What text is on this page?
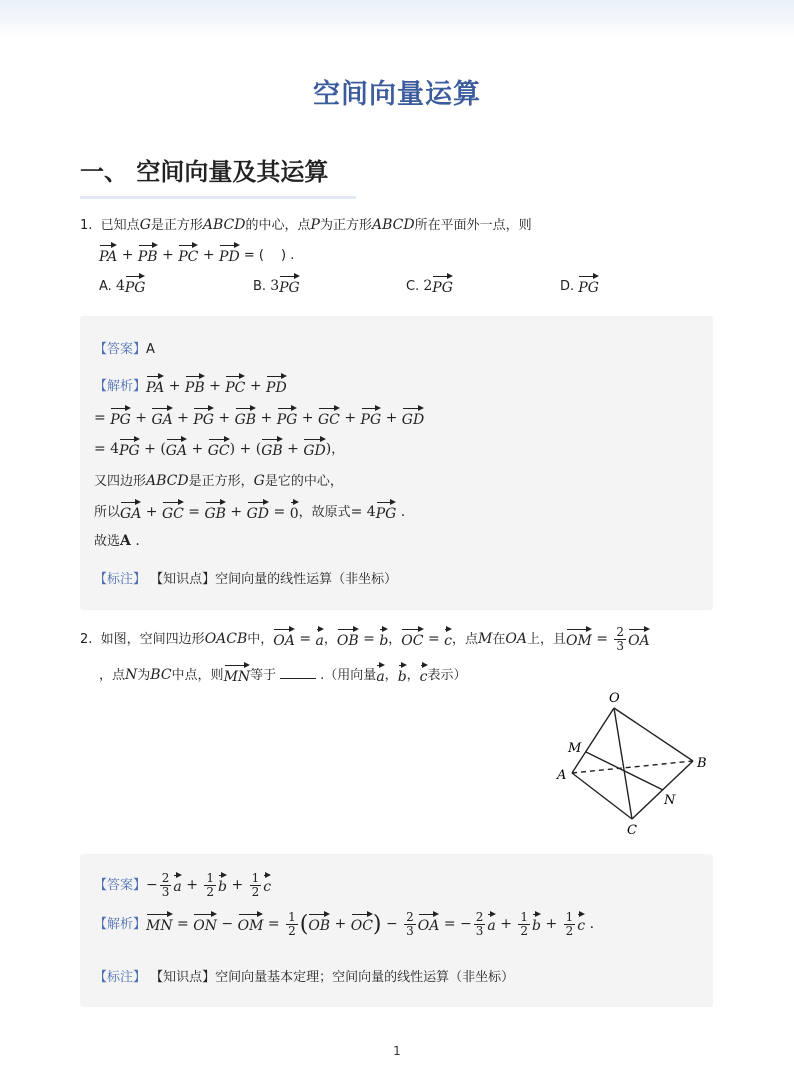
空间向量运算
一、 空间向量及其运算
1. 已知点G是正方形ABCD的中心，点P为正方形ABCD所在平面外一点，则
PA + PB + PC + PD = (　 ) .
A. 4PG	B. 3PG	C. 2PG	D. PG
【答案】A
【解析】PA + PB + PC + PD
= PG + GA + PG + GB + PG + GC + PG + GD
= 4PG + (GA + GC) + (GB + GD)，
又四边形ABCD是正方形，G是它的中心，
所以GA + GC = GB + GD = 0，故原式= 4PG .
故选A .
【标注】 【知识点】空间向量的线性运算（非坐标）
2. 如图，空间四边形OACB中，OA = a，OB = b，OC = c，点M在OA上，且OM = $\frac{2}{3}$ OA
，点N为BC中点，则MN等于	.（用向量a，b，c表示）
O
M
A
B
N
C
【答案】− $\frac{2}{3}$ $a + \frac{1}{2}$ $b + \frac{1}{2}$ c
【解析】MN = ON − OM = $\frac{1}{2} (OB + OC) - \frac{2}{3}$ OA = − $\frac{2}{3}$ $a + \frac{1}{2}$ $b + \frac{1}{2}$ c .
【标注】 【知识点】空间向量基本定理；空间向量的线性运算（非坐标）
1
